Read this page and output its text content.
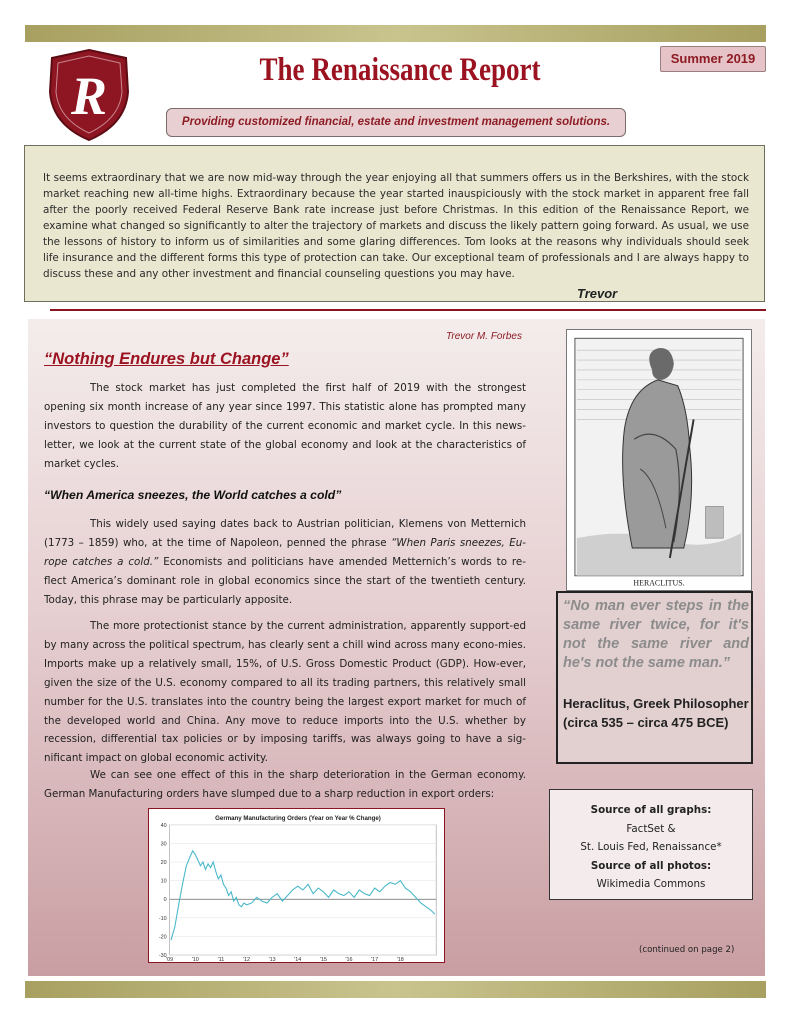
R	The Renaissance Report	Summer 2019
Providing customized financial, estate and investment management solutions.

It seems extraordinary that we are now mid-way through the year enjoying all that summers offers us in the Berkshires, with the stock market reaching new all-time highs. Extraordinary because the year started inauspiciously with the stock market in apparent free fall after the poorly received Federal Reserve Bank rate increase just before Christmas. In this edition of the Renaissance Report, we examine what changed so significantly to alter the trajectory of markets and discuss the likely pattern going forward. As usual, we use the lessons of history to inform us of similarities and some glaring differences. Tom looks at the reasons why individuals should seek life insurance and the different forms this type of protection can take. Our exceptional team of professionals and I are always happy to discuss these and any other investment and financial counseling questions you may have.

Trevor
Trevor M. Forbes
“Nothing Endures but Change”

The stock market has just completed the first half of 2019 with the strongest opening six month increase of any year since 1997. This statistic alone has prompted many investors to question the durability of the current economic and market cycle. In this news-letter, we look at the current state of the global economy and look at the characteristics of market cycles.

“When America sneezes, the World catches a cold”

This widely used saying dates back to Austrian politician, Klemens von Metternich (1773 – 1859) who, at the time of Napoleon, penned the phrase “When Paris sneezes, Eu-rope catches a cold.” Economists and politicians have amended Metternich’s words to re-flect America’s dominant role in global economics since the start of the twentieth century. Today, this phrase may be particularly apposite.

The more protectionist stance by the current administration, apparently support-ed by many across the political spectrum, has clearly sent a chill wind across many econo-mies. Imports make up a relatively small, 15%, of U.S. Gross Domestic Product (GDP). How-ever, given the size of the U.S. economy compared to all its trading partners, this relatively small number for the U.S. translates into the country being the largest export market for much of the developed world and China. Any move to reduce imports into the U.S. whether by recession, differential tax policies or by imposing tariffs, was always going to have a sig-nificant impact on global economic activity.

We can see one effect of this in the sharp deterioration in the German economy. German Manufacturing orders have slumped due to a sharp reduction in export orders:

HERACLITUS.

“No man ever steps in the same river twice, for it's not the same river and he's not the same man.”

Heraclitus, Greek Philosopher (circa 535 – circa 475 BCE)

Source of all graphs:
FactSet &
St. Louis Fed, Renaissance*
Source of all photos:
Wikimedia Commons
(continued on page 2)
Germany Manufacturing Orders (Year on Year % Change)
40
30
20
10
0
-10
-20
-30
'09	'10	'11	'12	'13	'14	'15	'16	'17	'18
